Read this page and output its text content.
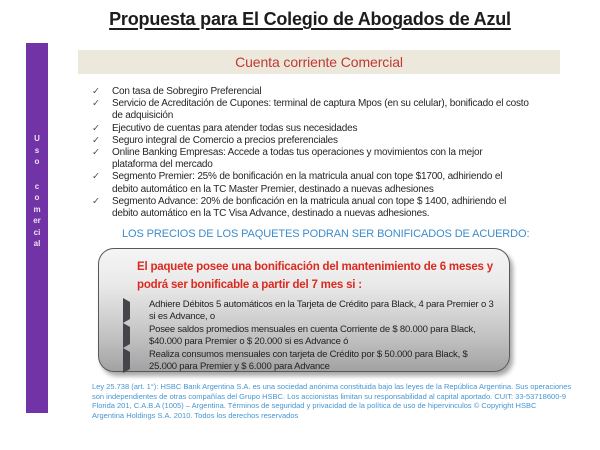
Propuesta para El Colegio de Abogados de Azul
Uso
comercial
Cuenta corriente Comercial
✓	Con tasa de Sobregiro Preferencial
✓	Servicio de Acreditación de Cupones: terminal de captura Mpos (en su celular), bonificado el costo de adquisición
✓	Ejecutivo de cuentas para atender todas sus necesidades
✓	Seguro integral de Comercio a precios preferenciales
✓	Online Banking Empresas: Accede a todas tus operaciones y movimientos con la mejor plataforma del mercado
✓	Segmento Premier: 25% de bonificación en la matricula anual con tope $1700, adhiriendo el debito automático en la TC Master Premier, destinado a nuevas adhesiones
✓	Segmento Advance: 20% de bonficación en la matricula anual con tope $ 1400, adhiriendo el debito automático en la TC Visa Advance, destinado a nuevas adhesiones.
LOS PRECIOS DE LOS PAQUETES PODRAN SER BONIFICADOS DE ACUERDO:
El paquete posee una bonificación del mantenimiento de 6 meses y podrá ser bonificable a partir del 7 mes si :
Adhiere Débitos 5 automáticos en la Tarjeta de Crédito para Black, 4 para Premier o 3 si es Advance, o
Posee saldos promedios mensuales en cuenta Corriente de $ 80.000 para Black, $40.000 para Premier o $ 20.000 si es Advance ó
Realiza consumos mensuales con tarjeta de Crédito por $ 50.000 para Black, $ 25.000 para Premier y $ 6.000 para Advance
Ley 25.738 (art. 1°): HSBC Bank Argentina S.A. es una sociedad anónima constituida bajo las leyes de la República Argentina. Sus operaciones
son independientes de otras compañías del Grupo HSBC. Los accionistas limitan su responsabilidad al capital aportado. CUIT: 33-53718600-9
Florida 201, C.A.B.A (1005) – Argentina. Términos de seguridad y privacidad de la política de uso de hipervinculos © Copyright HSBC
Argentina Holdings S.A. 2010. Todos los derechos reservados
